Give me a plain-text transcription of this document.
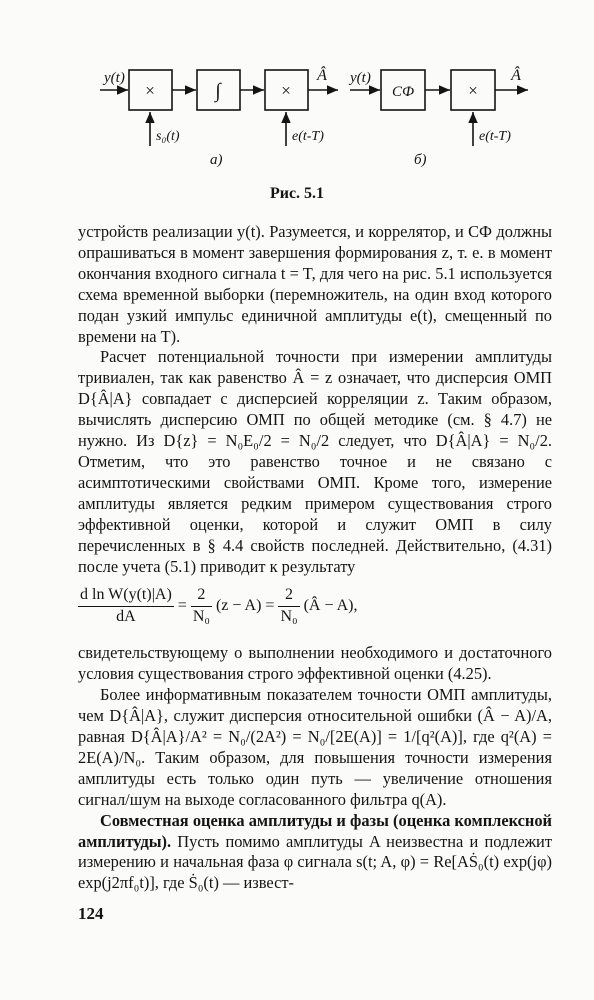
y(t)
×	∫	×
Â
s₀(t)	e(t-T)
а)
y(t)
СФ	×
Â
e(t-T)
б)
Рис. 5.1

устройств реализации y(t). Разумеется, и коррелятор, и СФ должны опрашиваться в момент завершения формирования z, т. е. в момент окончания входного сигнала t = T, для чего на рис. 5.1 используется схема временной выборки (перемножитель, на один вход которого подан узкий импульс единичной амплитуды e(t), смещенный по времени на T).

Расчет потенциальной точности при измерении амплитуды тривиален, так как равенство Â = z означает, что дисперсия ОМП D{Â|A} совпадает с дисперсией корреляции z. Таким образом, вычислять дисперсию ОМП по общей методике (см. § 4.7) не нужно. Из D{z} = N₀E₀/2 = N₀/2 следует, что D{Â|A} = N₀/2. Отметим, что это равенство точное и не связано с асимптотическими свойствами ОМП. Кроме того, измерение амплитуды является редким примером существования строго эффективной оценки, которой и служит ОМП в силу перечисленных в § 4.4 свойств последней. Действительно, (4.31) после учета (5.1) приводит к результату

$\frac{\text{d ln W(y(t)|A)}}{dA} = \frac{2}{\text{N₀}} (z - A) = \frac{2}{\text{N₀}}$ (Â − A),

свидетельствующему о выполнении необходимого и достаточного условия существования строго эффективной оценки (4.25).

Более информативным показателем точности ОМП амплитуды, чем D{Â|A}, служит дисперсия относительной ошибки (Â − A)/A, равная D{Â|A}/A² = N₀/(2A²) = N₀/[2E(A)] = 1/[q²(A)], где q²(A) = 2E(A)/N₀. Таким образом, для повышения точности измерения амплитуды есть только один путь — увеличение отношения сигнал/шум на выходе согласованного фильтра q(A).

Совместная оценка амплитуды и фазы (оценка комплексной амплитуды). Пусть помимо амплитуды A неизвестна и подлежит измерению и начальная фаза φ сигнала s(t; A, φ) = Re[AṠ₀(t) exp(jφ) exp(j2πf₀t)], где Ṡ₀(t) — извест-

124
